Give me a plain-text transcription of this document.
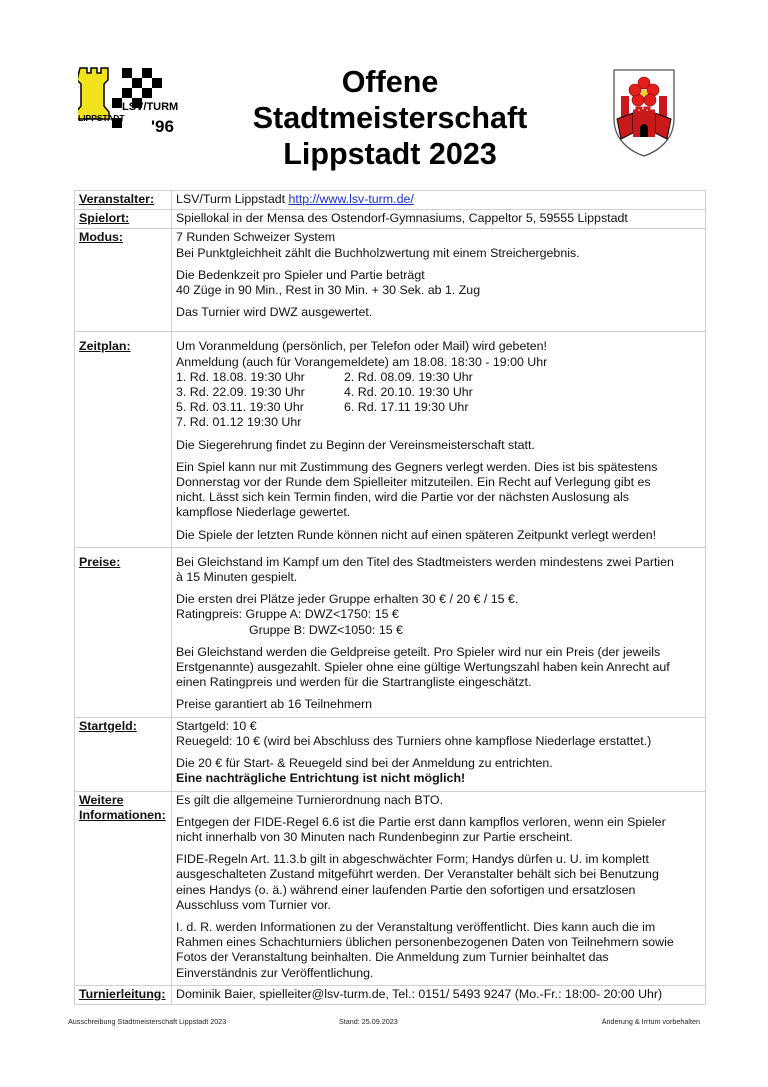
LSV/TURM
LIPPSTADT '96
Offene
Stadtmeisterschaft
Lippstadt 2023
Veranstalter:	LSV/Turm Lippstadt http://www.lsv-turm.de/
Spielort:	Spiellokal in der Mensa des Ostendorf-Gymnasiums, Cappeltor 5, 59555 Lippstadt

Modus:	7 Runden Schweizer System
Bei Punktgleichheit zählt die Buchholzwertung mit einem Streichergebnis.
Die Bedenkzeit pro Spieler und Partie beträgt
40 Züge in 90 Min., Rest in 30 Min. + 30 Sek. ab 1. Zug
Das Turnier wird DWZ ausgewertet.

Zeitplan:	Um Voranmeldung (persönlich, per Telefon oder Mail) wird gebeten!
Anmeldung (auch für Vorangemeldete) am 18.08. 18:30 - 19:00 Uhr
1. Rd. 18.08. 19:30 Uhr	2. Rd. 08.09. 19:30 Uhr
3. Rd. 22.09. 19:30 Uhr	4. Rd. 20.10. 19:30 Uhr
5. Rd. 03.11. 19:30 Uhr	6. Rd. 17.11 19:30 Uhr
7. Rd. 01.12 19:30 Uhr
Die Siegerehrung findet zu Beginn der Vereinsmeisterschaft statt.
Ein Spiel kann nur mit Zustimmung des Gegners verlegt werden. Dies ist bis spätestens
Donnerstag vor der Runde dem Spielleiter mitzuteilen. Ein Recht auf Verlegung gibt es
nicht. Lässt sich kein Termin finden, wird die Partie vor der nächsten Auslosung als
kampflose Niederlage gewertet.
Die Spiele der letzten Runde können nicht auf einen späteren Zeitpunkt verlegt werden!

Preise:	Bei Gleichstand im Kampf um den Titel des Stadtmeisters werden mindestens zwei Partien
à 15 Minuten gespielt.
Die ersten drei Plätze jeder Gruppe erhalten 30 € / 20 € / 15 €.
Ratingpreis: Gruppe A: DWZ<1750: 15 €
Gruppe B: DWZ<1050: 15 €
Bei Gleichstand werden die Geldpreise geteilt. Pro Spieler wird nur ein Preis (der jeweils
Erstgenannte) ausgezahlt. Spieler ohne eine gültige Wertungszahl haben kein Anrecht auf
einen Ratingpreis und werden für die Startrangliste eingeschätzt.
Preise garantiert ab 16 Teilnehmern

Startgeld:	Startgeld: 10 €
Reuegeld: 10 € (wird bei Abschluss des Turniers ohne kampflose Niederlage erstattet.)
Die 20 € für Start- & Reuegeld sind bei der Anmeldung zu entrichten.
Eine nachträgliche Entrichtung ist nicht möglich!

Weitere
Informationen:

Es gilt die allgemeine Turnierordnung nach BTO.
Entgegen der FIDE-Regel 6.6 ist die Partie erst dann kampflos verloren, wenn ein Spieler
nicht innerhalb von 30 Minuten nach Rundenbeginn zur Partie erscheint.
FIDE-Regeln Art. 11.3.b gilt in abgeschwächter Form; Handys dürfen u. U. im komplett
ausgeschalteten Zustand mitgeführt werden. Der Veranstalter behält sich bei Benutzung
eines Handys (o. ä.) während einer laufenden Partie den sofortigen und ersatzlosen
Ausschluss vom Turnier vor.
I. d. R. werden Informationen zu der Veranstaltung veröffentlicht. Dies kann auch die im
Rahmen eines Schachturniers üblichen personenbezogenen Daten von Teilnehmern sowie
Fotos der Veranstaltung beinhalten. Die Anmeldung zum Turnier beinhaltet das
Einverständnis zur Veröffentlichung.

Turnierleitung:	Dominik Baier, spielleiter@lsv-turm.de, Tel.: 0151/ 5493 9247 (Mo.-Fr.: 18:00- 20:00 Uhr)
Ausschreibung Stadtmeisterschaft Lippstadt 2023	Stand: 25.09.2023	Änderung & Irrtum vorbehalten
